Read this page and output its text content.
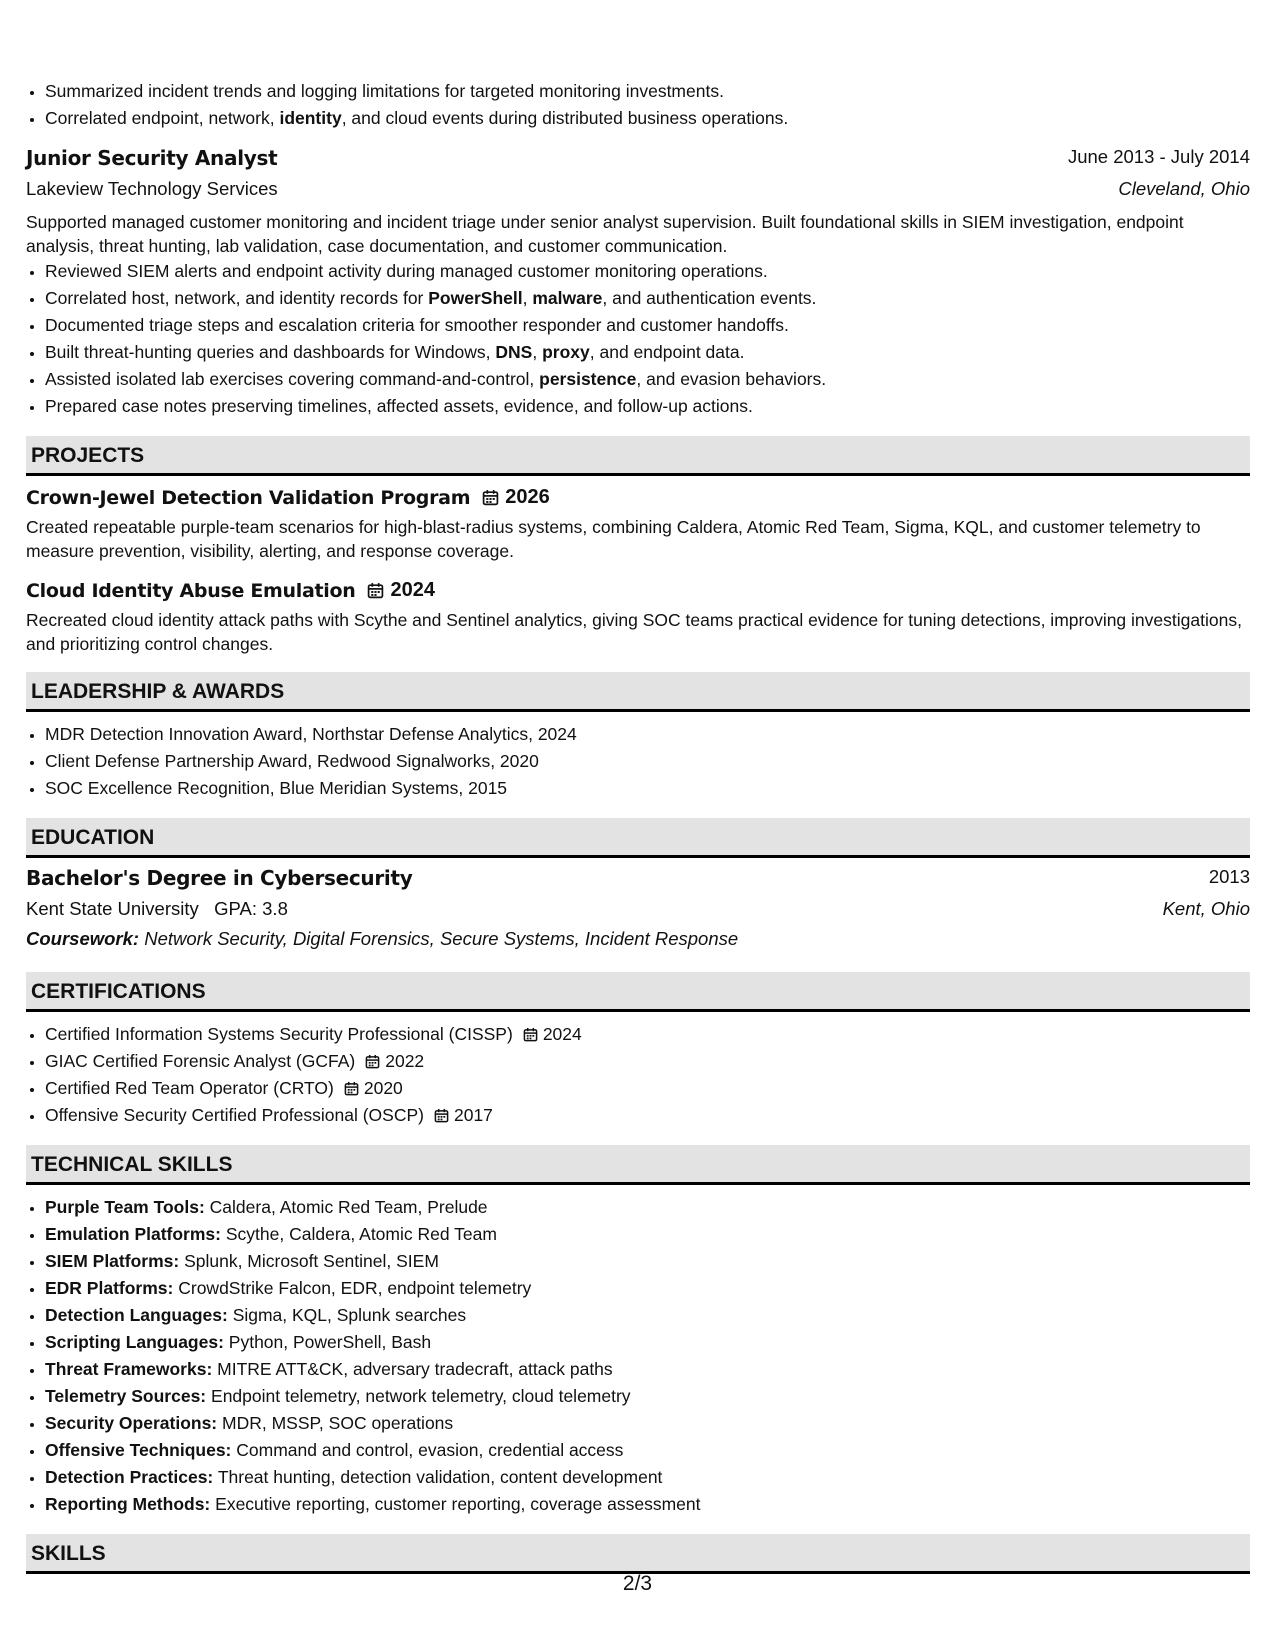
• Summarized incident trends and logging limitations for targeted monitoring investments.
• Correlated endpoint, network, identity, and cloud events during distributed business operations.
Junior Security Analyst	June 2013 - July 2014
Lakeview Technology Services	Cleveland, Ohio
Supported managed customer monitoring and incident triage under senior analyst supervision. Built foundational skills in SIEM investigation, endpoint analysis, threat hunting, lab validation, case documentation, and customer communication.
• Reviewed SIEM alerts and endpoint activity during managed customer monitoring operations.
• Correlated host, network, and identity records for PowerShell, malware, and authentication events.
• Documented triage steps and escalation criteria for smoother responder and customer handoffs.
• Built threat-hunting queries and dashboards for Windows, DNS, proxy, and endpoint data.
• Assisted isolated lab exercises covering command-and-control, persistence, and evasion behaviors.
• Prepared case notes preserving timelines, affected assets, evidence, and follow-up actions.
PROJECTS
Crown-Jewel Detection Validation Program 2026
Created repeatable purple-team scenarios for high-blast-radius systems, combining Caldera, Atomic Red Team, Sigma, KQL, and customer telemetry to measure prevention, visibility, alerting, and response coverage.
Cloud Identity Abuse Emulation 2024
Recreated cloud identity attack paths with Scythe and Sentinel analytics, giving SOC teams practical evidence for tuning detections, improving investigations, and prioritizing control changes.
LEADERSHIP & AWARDS
• MDR Detection Innovation Award, Northstar Defense Analytics, 2024
• Client Defense Partnership Award, Redwood Signalworks, 2020
• SOC Excellence Recognition, Blue Meridian Systems, 2015
EDUCATION
Bachelor's Degree in Cybersecurity	2013
Kent State University GPA: 3.8	Kent, Ohio
Coursework: Network Security, Digital Forensics, Secure Systems, Incident Response
CERTIFICATIONS
• Certified Information Systems Security Professional (CISSP) 2024
• GIAC Certified Forensic Analyst (GCFA) 2022
• Certified Red Team Operator (CRTO) 2020
• Offensive Security Certified Professional (OSCP) 2017
TECHNICAL SKILLS
• Purple Team Tools: Caldera, Atomic Red Team, Prelude
• Emulation Platforms: Scythe, Caldera, Atomic Red Team
• SIEM Platforms: Splunk, Microsoft Sentinel, SIEM
• EDR Platforms: CrowdStrike Falcon, EDR, endpoint telemetry
• Detection Languages: Sigma, KQL, Splunk searches
• Scripting Languages: Python, PowerShell, Bash
• Threat Frameworks: MITRE ATT&CK, adversary tradecraft, attack paths
• Telemetry Sources: Endpoint telemetry, network telemetry, cloud telemetry
• Security Operations: MDR, MSSP, SOC operations
• Offensive Techniques: Command and control, evasion, credential access
• Detection Practices: Threat hunting, detection validation, content development
• Reporting Methods: Executive reporting, customer reporting, coverage assessment
SKILLS
2/3
